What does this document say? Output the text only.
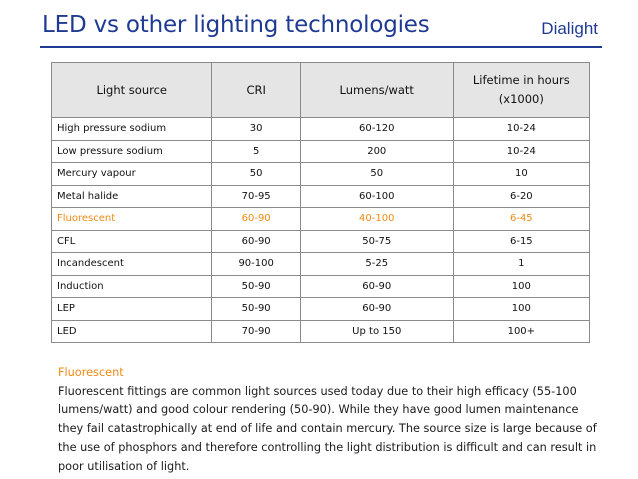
LED vs other lighting technologies	Dialight
Light source	CRI	Lumens/watt	Lifetime in hours (x1000)
High pressure sodium	30	60-120	10-24
Low pressure sodium	5	200	10-24
Mercury vapour	50	50	10
Metal halide	70-95	60-100	6-20
Fluorescent	60-90	40-100	6-45
CFL	60-90	50-75	6-15
Incandescent	90-100	5-25	1
Induction	50-90	60-90	100
LEP	50-90	60-90	100
LED	70-90	Up to 150	100+
Fluorescent
Fluorescent fittings are common light sources used today due to their high efficacy (55-100 lumens/watt) and good colour rendering (50-90). While they have good lumen maintenance they fail catastrophically at end of life and contain mercury. The source size is large because of the use of phosphors and therefore controlling the light distribution is difficult and can result in poor utilisation of light.
